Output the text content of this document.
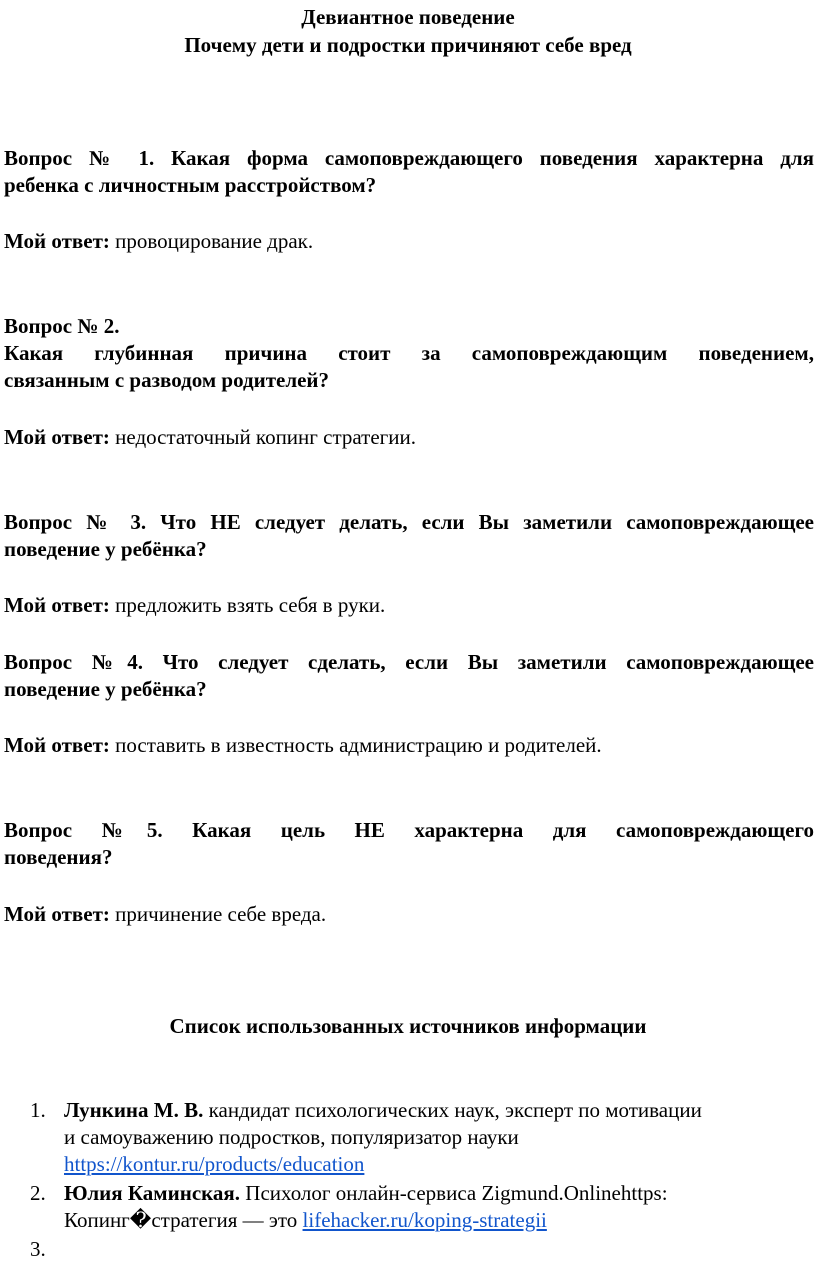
Девиантное поведение
Почему дети и подростки причиняют себе вред
Вопрос № 1. Какая форма самоповреждающего поведения характерна для
ребенка с личностным расстройством?
Мой ответ: провоцирование драк.
Вопрос № 2.
Какая глубинная причина стоит за самоповреждающим поведением,
связанным с разводом родителей?
Мой ответ: недостаточный копинг стратегии.
Вопрос № 3. Что НЕ следует делать, если Вы заметили самоповреждающее
поведение у ребёнка?
Мой ответ: предложить взять себя в руки.
Вопрос №4. Что следует сделать, если Вы заметили самоповреждающее
поведение у ребёнка?
Мой ответ: поставить в известность администрацию и родителей.
Вопрос №5. Какая цель НЕ характерна для самоповреждающего
поведения?
Мой ответ: причинение себе вреда.
Список использованных источников информации
1. Лункина М. В. кандидат психологических наук, эксперт по мотивации
и самоуважению подростков, популяризатор науки
https://kontur.ru/products/education
2. Юлия Каминская. Психолог онлайн-сервиса Zigmund.Onlinehttps:
Копинг�стратегия — это lifehacker.ru/koping-strategii
3.
